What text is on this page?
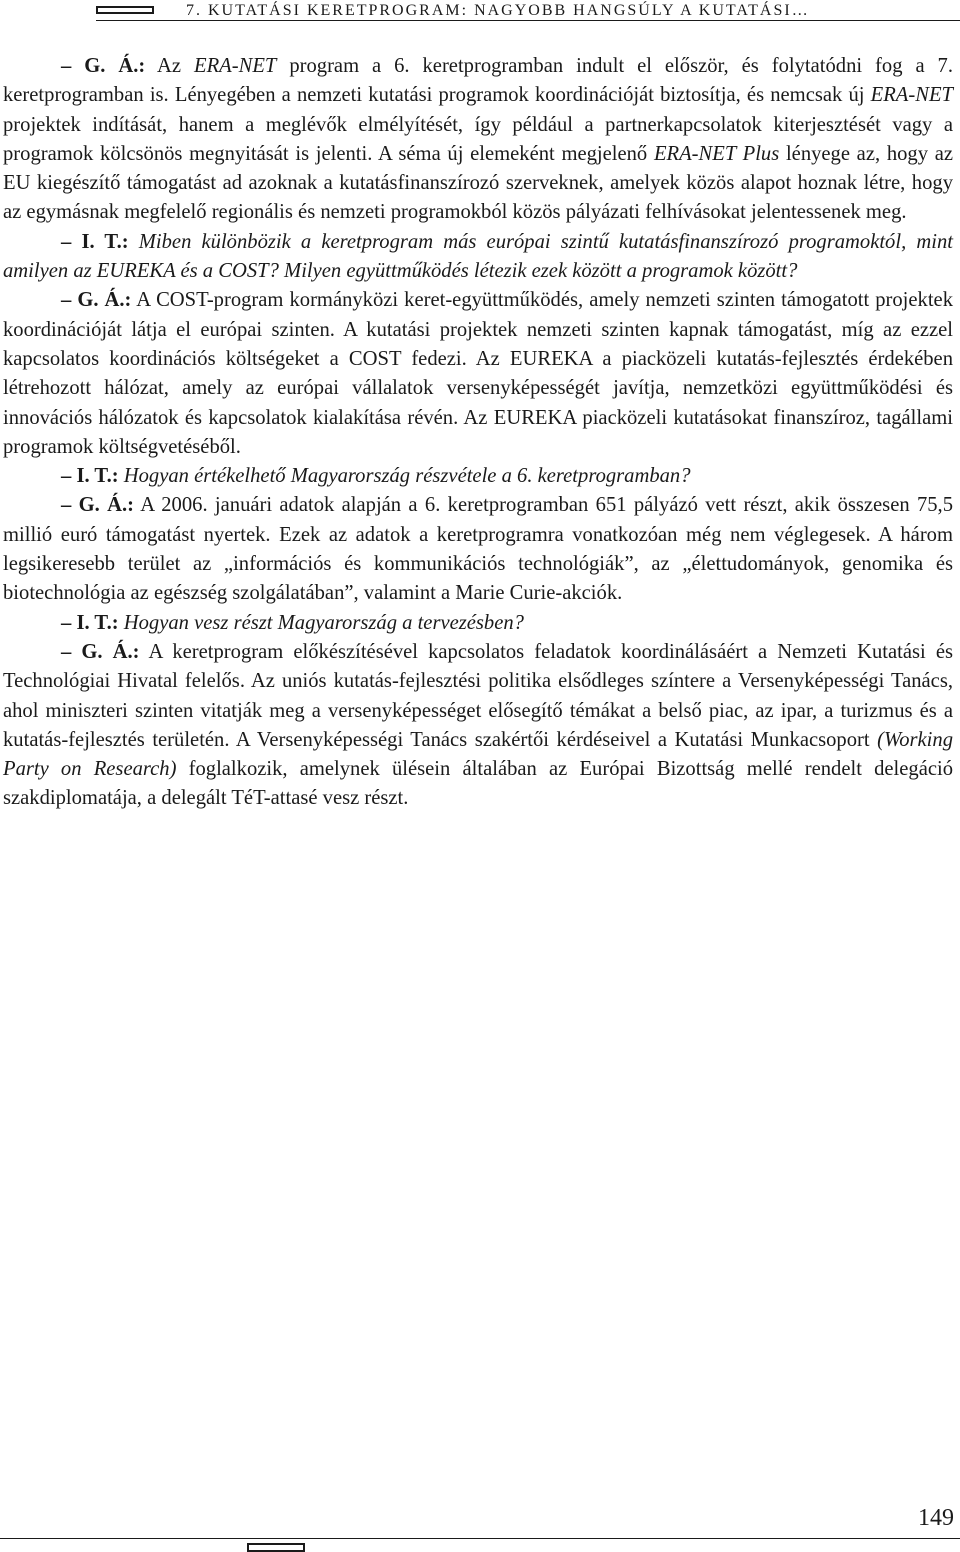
7. KUTATÁSI KERETPROGRAM: NAGYOBB HANGSÚLY A KUTATÁSI…

– G. Á.: Az ERA-NET program a 6. keretprogramban indult el először, és folytatódni fog a 7. keretprogramban is. Lényegében a nemzeti kutatási programok koordinációját biztosítja, és nemcsak új ERA-NET projektek indítását, hanem a meglévők elmélyítését, így például a partnerkapcsolatok kiterjesztését vagy a programok kölcsönös megnyitását is jelenti. A séma új elemeként megjelenő ERA-NET Plus lényege az, hogy az EU kiegészítő támogatást ad azoknak a kutatásfinanszírozó szerveknek, amelyek közös alapot hoznak létre, hogy az egymásnak megfelelő regionális és nemzeti programokból közös pályázati felhívásokat jelentessenek meg.

– I. T.: Miben különbözik a keretprogram más európai szintű kutatásfinanszírozó programoktól, mint amilyen az EUREKA és a COST? Milyen együttműködés létezik ezek között a programok között?

– G. Á.: A COST-program kormányközi keret-együttműködés, amely nemzeti szinten támogatott projektek koordinációját látja el európai szinten. A kutatási projektek nemzeti szinten kapnak támogatást, míg az ezzel kapcsolatos koordinációs költségeket a COST fedezi. Az EUREKA a piacközeli kutatás-fejlesztés érdekében létrehozott hálózat, amely az európai vállalatok versenyképességét javítja, nemzetközi együttműködési és innovációs hálózatok és kapcsolatok kialakítása révén. Az EUREKA piacközeli kutatásokat finanszíroz, tagállami programok költségvetéséből.

– I. T.: Hogyan értékelhető Magyarország részvétele a 6. keretprogramban?

– G. Á.: A 2006. januári adatok alapján a 6. keretprogramban 651 pályázó vett részt, akik összesen 75,5 millió euró támogatást nyertek. Ezek az adatok a keretprogramra vonatkozóan még nem véglegesek. A három legsikeresebb terület az „információs és kommunikációs technológiák”, az „élettudományok, genomika és biotechnológia az egészség szolgálatában”, valamint a Marie Curie-akciók.

– I. T.: Hogyan vesz részt Magyarország a tervezésben?

– G. Á.: A keretprogram előkészítésével kapcsolatos feladatok koordinálásáért a Nemzeti Kutatási és Technológiai Hivatal felelős. Az uniós kutatás-fejlesztési politika elsődleges színtere a Versenyképességi Tanács, ahol miniszteri szinten vitatják meg a versenyképességet elősegítő témákat a belső piac, az ipar, a turizmus és a kutatás-fejlesztés területén. A Versenyképességi Tanács szakértői kérdéseivel a Kutatási Munkacsoport (Working Party on Research) foglalkozik, amelynek ülésein általában az Európai Bizottság mellé rendelt delegáció szakdiplomatája, a delegált TéT-attasé vesz részt.

149
